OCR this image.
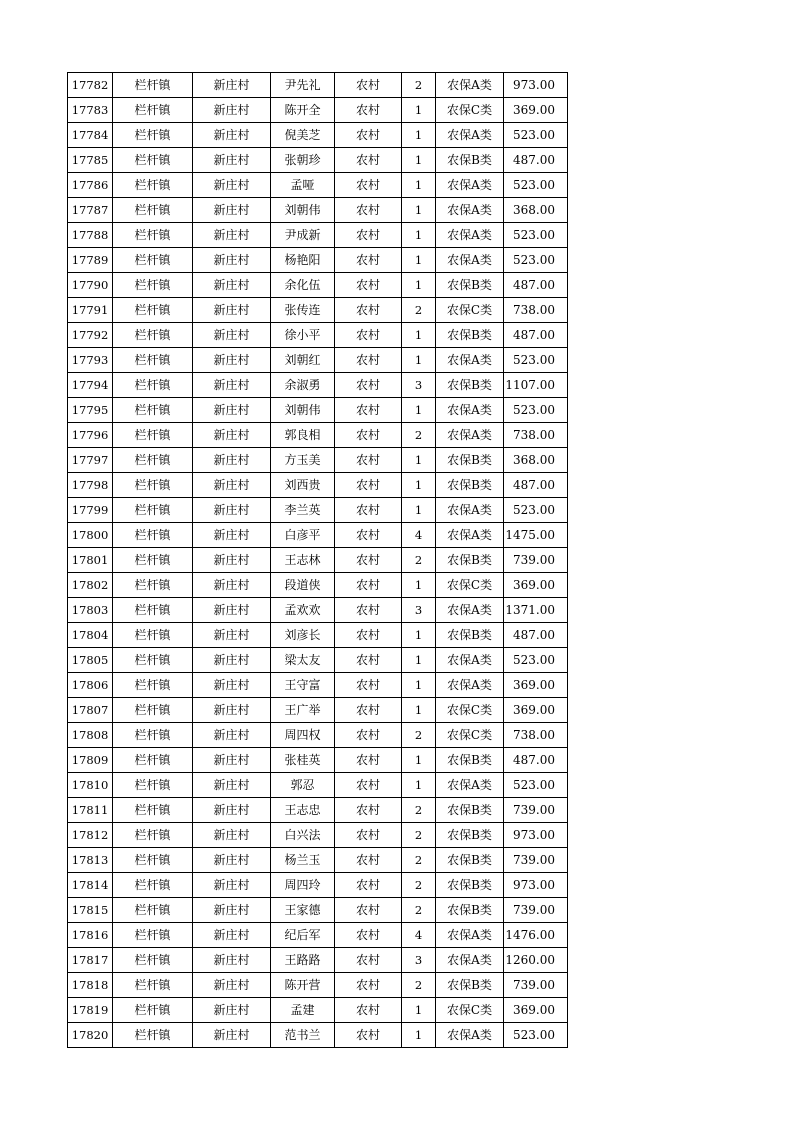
17782	栏杆镇	新庄村	尹先礼	农村	2	农保A类	973.00
17783	栏杆镇	新庄村	陈开全	农村	1	农保C类	369.00
17784	栏杆镇	新庄村	倪美芝	农村	1	农保A类	523.00
17785	栏杆镇	新庄村	张朝珍	农村	1	农保B类	487.00
17786	栏杆镇	新庄村	孟哑	农村	1	农保A类	523.00
17787	栏杆镇	新庄村	刘朝伟	农村	1	农保A类	368.00
17788	栏杆镇	新庄村	尹成新	农村	1	农保A类	523.00
17789	栏杆镇	新庄村	杨艳阳	农村	1	农保A类	523.00
17790	栏杆镇	新庄村	余化伍	农村	1	农保B类	487.00
17791	栏杆镇	新庄村	张传连	农村	2	农保C类	738.00
17792	栏杆镇	新庄村	徐小平	农村	1	农保B类	487.00
17793	栏杆镇	新庄村	刘朝红	农村	1	农保A类	523.00
17794	栏杆镇	新庄村	余淑勇	农村	3	农保B类	1107.00
17795	栏杆镇	新庄村	刘朝伟	农村	1	农保A类	523.00
17796	栏杆镇	新庄村	郭良相	农村	2	农保A类	738.00
17797	栏杆镇	新庄村	方玉美	农村	1	农保B类	368.00
17798	栏杆镇	新庄村	刘西贵	农村	1	农保B类	487.00
17799	栏杆镇	新庄村	李兰英	农村	1	农保A类	523.00
17800	栏杆镇	新庄村	白彦平	农村	4	农保A类	1475.00
17801	栏杆镇	新庄村	王志林	农村	2	农保B类	739.00
17802	栏杆镇	新庄村	段道侠	农村	1	农保C类	369.00
17803	栏杆镇	新庄村	孟欢欢	农村	3	农保A类	1371.00
17804	栏杆镇	新庄村	刘彦长	农村	1	农保B类	487.00
17805	栏杆镇	新庄村	梁太友	农村	1	农保A类	523.00
17806	栏杆镇	新庄村	王守富	农村	1	农保A类	369.00
17807	栏杆镇	新庄村	王广举	农村	1	农保C类	369.00
17808	栏杆镇	新庄村	周四权	农村	2	农保C类	738.00
17809	栏杆镇	新庄村	张桂英	农村	1	农保B类	487.00
17810	栏杆镇	新庄村	郭忍	农村	1	农保A类	523.00
17811	栏杆镇	新庄村	王志忠	农村	2	农保B类	739.00
17812	栏杆镇	新庄村	白兴法	农村	2	农保B类	973.00
17813	栏杆镇	新庄村	杨兰玉	农村	2	农保B类	739.00
17814	栏杆镇	新庄村	周四玲	农村	2	农保B类	973.00
17815	栏杆镇	新庄村	王家德	农村	2	农保B类	739.00
17816	栏杆镇	新庄村	纪后军	农村	4	农保A类	1476.00
17817	栏杆镇	新庄村	王路路	农村	3	农保A类	1260.00
17818	栏杆镇	新庄村	陈开营	农村	2	农保B类	739.00
17819	栏杆镇	新庄村	孟建	农村	1	农保C类	369.00
17820	栏杆镇	新庄村	范书兰	农村	1	农保A类	523.00
